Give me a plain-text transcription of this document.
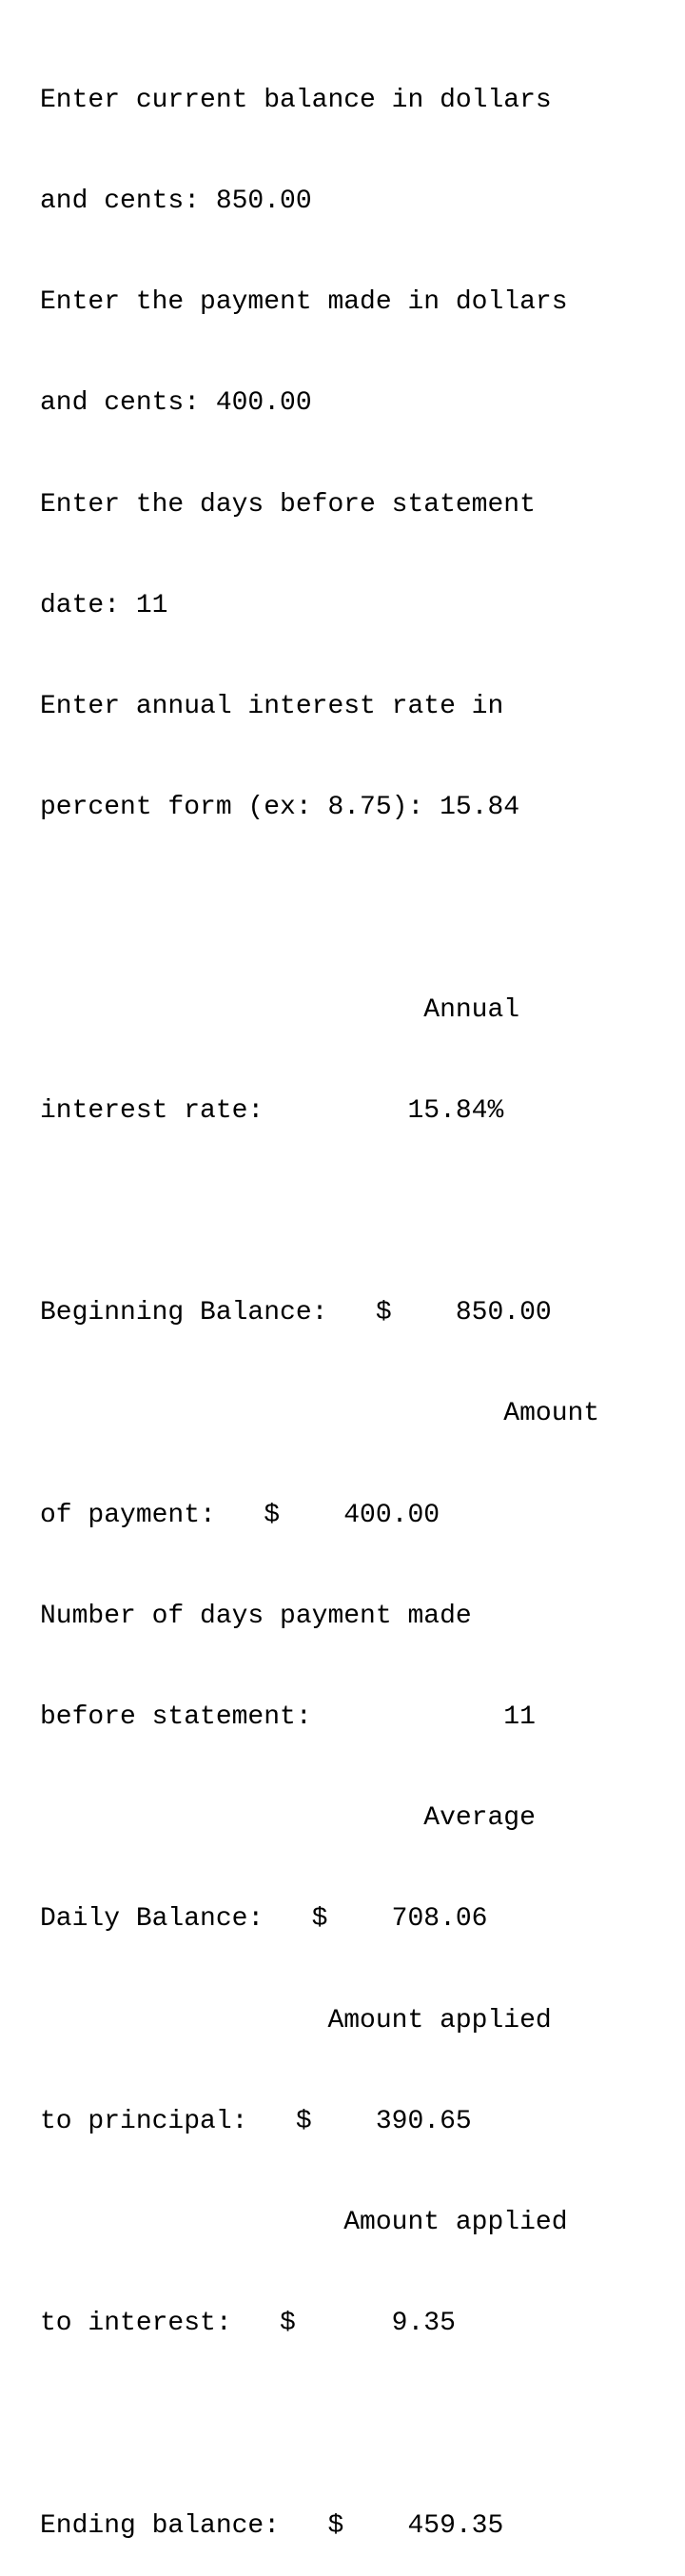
Enter current balance in dollars

and cents: 850.00

Enter the payment made in dollars

and cents: 400.00

Enter the days before statement

date: 11

Enter annual interest rate in

percent form (ex: 8.75): 15.84

Annual

interest rate:         15.84%

Beginning Balance:   $    850.00

Amount

of payment:   $    400.00

Number of days payment made

before statement:            11

Average

Daily Balance:   $    708.06

Amount applied

to principal:   $    390.65

Amount applied

to interest:   $      9.35

Ending balance:   $    459.35
